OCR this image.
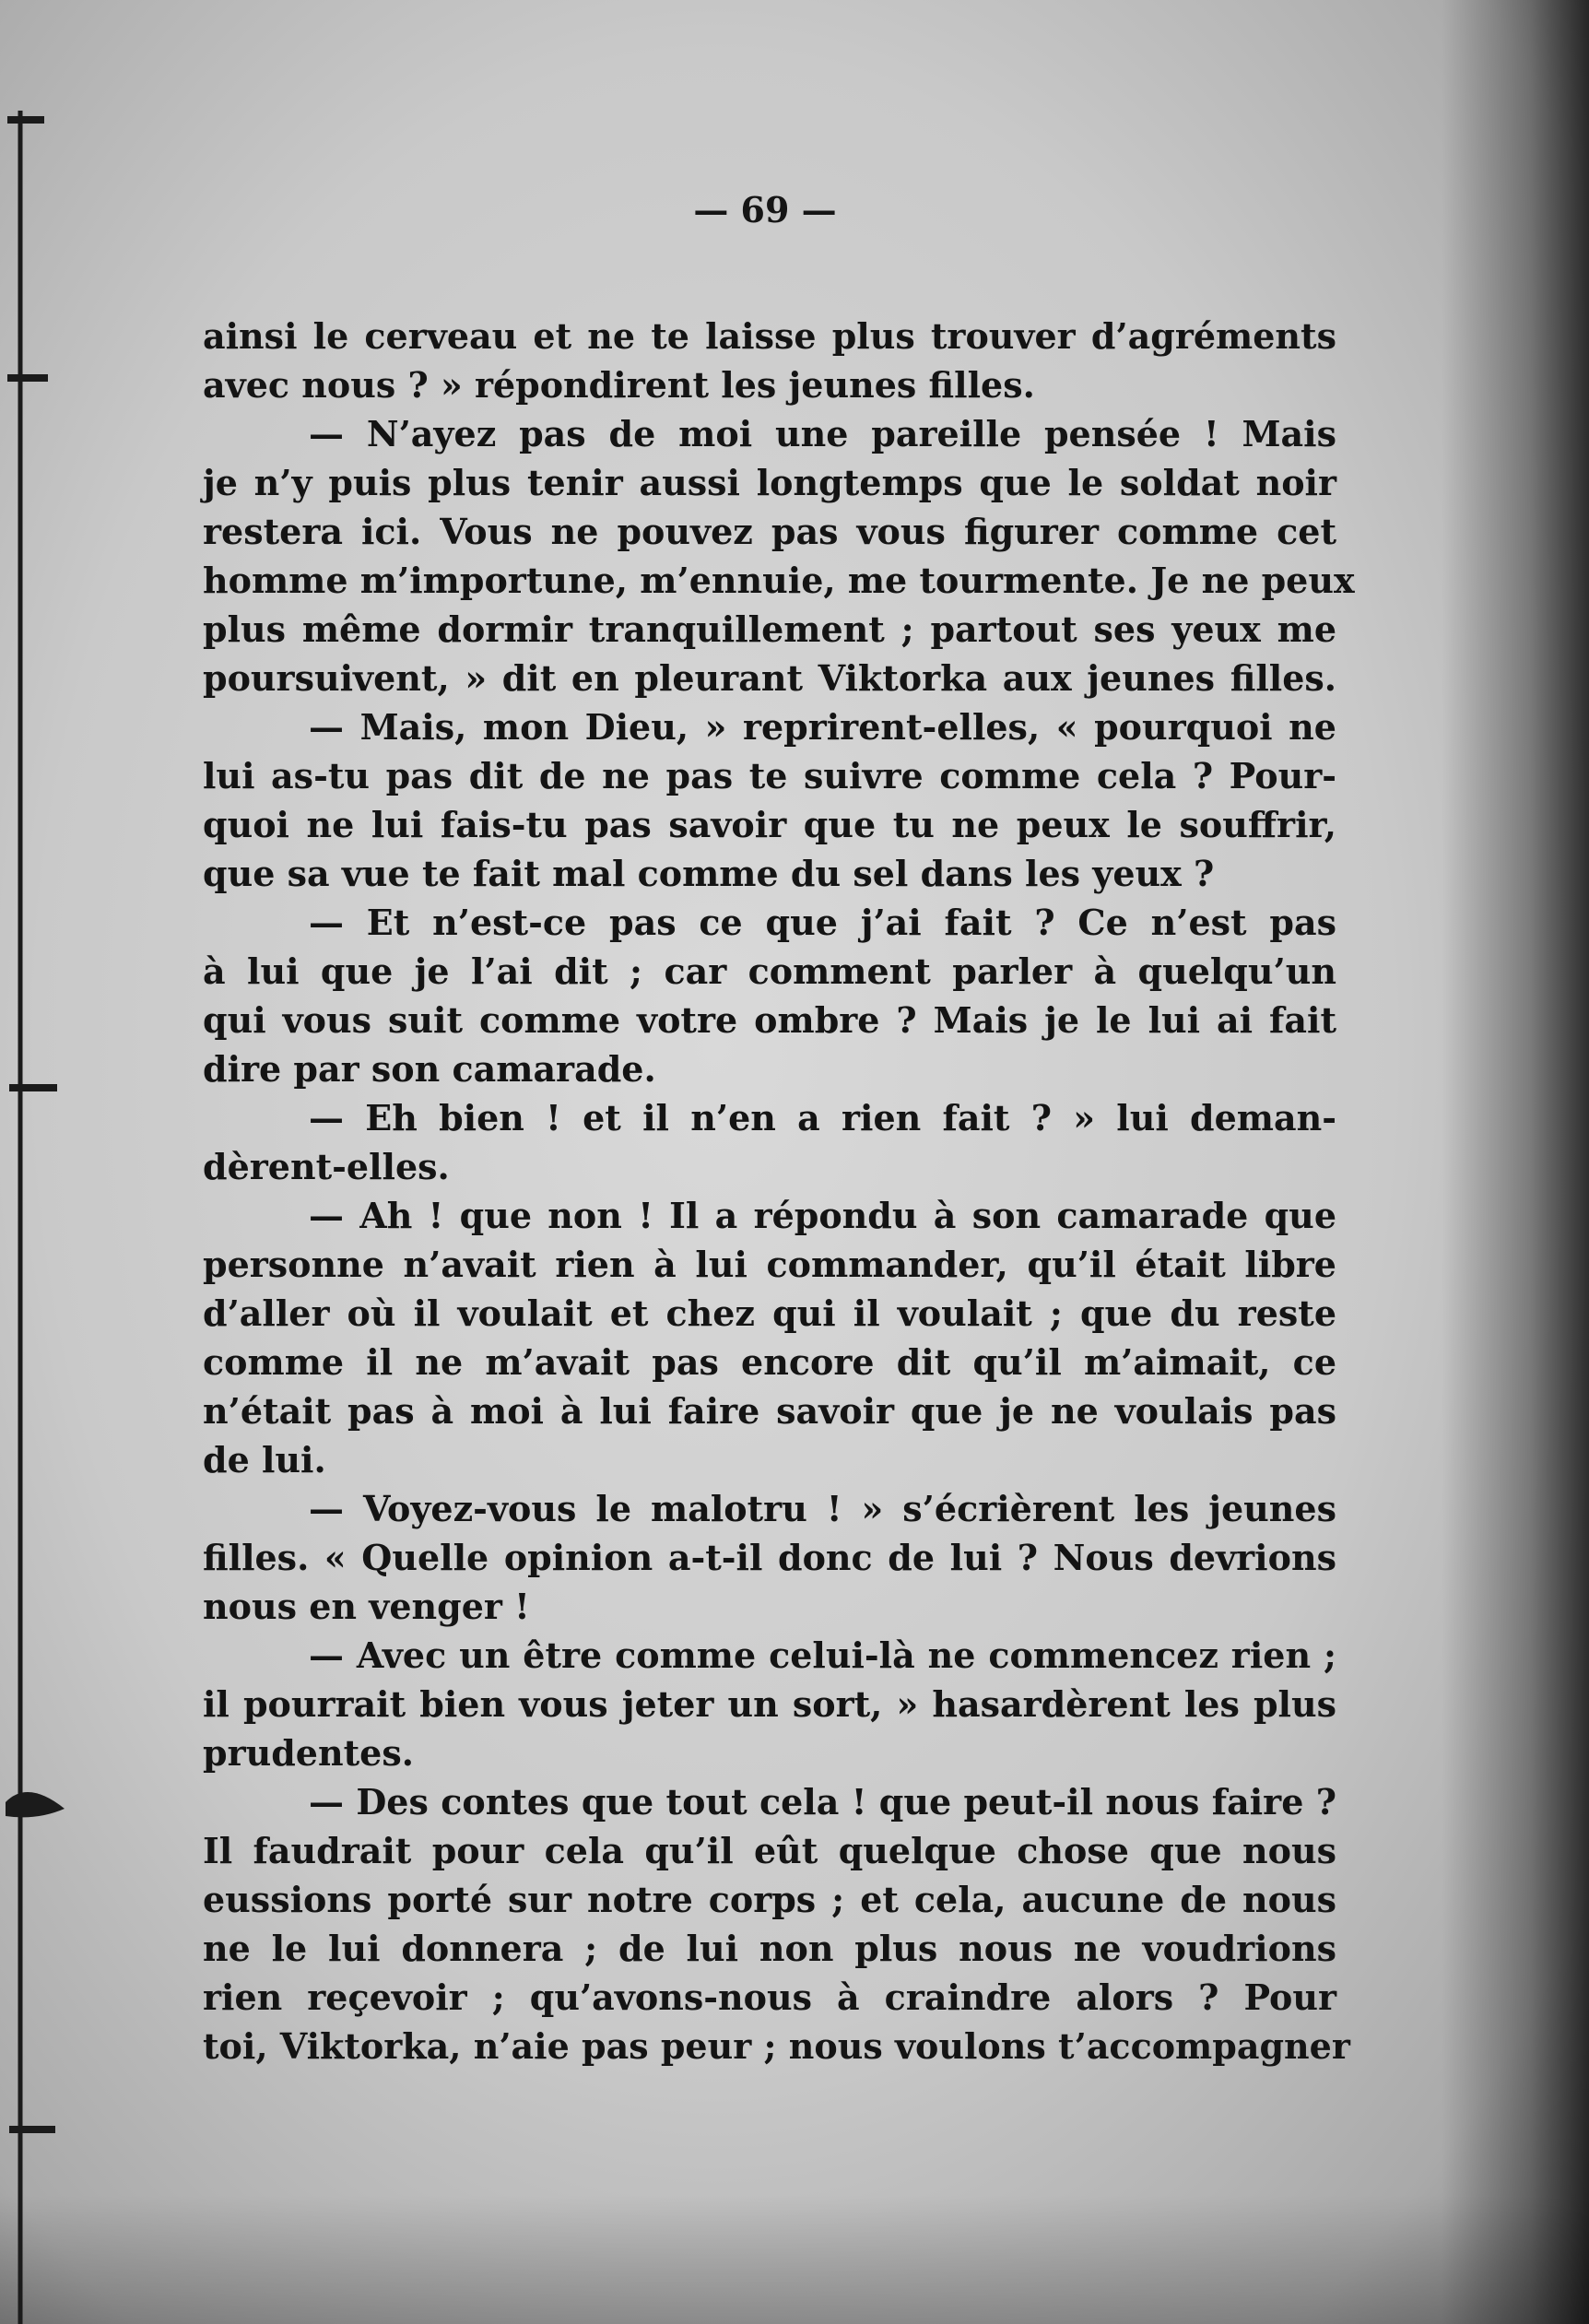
— 69 —
ainsi le cerveau et ne te laisse plus trouver d’agréments
avec nous ? » répondirent les jeunes filles.
— N’ayez pas de moi une pareille pensée ! Mais
je n’y puis plus tenir aussi longtemps que le soldat noir
restera ici. Vous ne pouvez pas vous figurer comme cet
homme m’importune, m’ennuie, me tourmente. Je ne peux
plus même dormir tranquillement ; partout ses yeux me
poursuivent, » dit en pleurant Viktorka aux jeunes filles.
— Mais, mon Dieu, » reprirent-elles, « pourquoi ne
lui as-tu pas dit de ne pas te suivre comme cela ? Pour-
quoi ne lui fais-tu pas savoir que tu ne peux le souffrir,
que sa vue te fait mal comme du sel dans les yeux ?
— Et n’est-ce pas ce que j’ai fait ? Ce n’est pas
à lui que je l’ai dit ; car comment parler à quelqu’un
qui vous suit comme votre ombre ? Mais je le lui ai fait
dire par son camarade.
— Eh bien ! et il n’en a rien fait ? » lui deman-
dèrent-elles.
— Ah ! que non ! Il a répondu à son camarade que
personne n’avait rien à lui commander, qu’il était libre
d’aller où il voulait et chez qui il voulait ; que du reste
comme il ne m’avait pas encore dit qu’il m’aimait, ce
n’était pas à moi à lui faire savoir que je ne voulais pas
de lui.
— Voyez-vous le malotru ! » s’écrièrent les jeunes
filles. « Quelle opinion a-t-il donc de lui ? Nous devrions
nous en venger !
— Avec un être comme celui-là ne commencez rien ;
il pourrait bien vous jeter un sort, » hasardèrent les plus
prudentes.
— Des contes que tout cela ! que peut-il nous faire ?
Il faudrait pour cela qu’il eût quelque chose que nous
eussions porté sur notre corps ; et cela, aucune de nous
ne le lui donnera ; de lui non plus nous ne voudrions
rien reçevoir ; qu’avons-nous à craindre alors ? Pour
toi, Viktorka, n’aie pas peur ; nous voulons t’accompagner
